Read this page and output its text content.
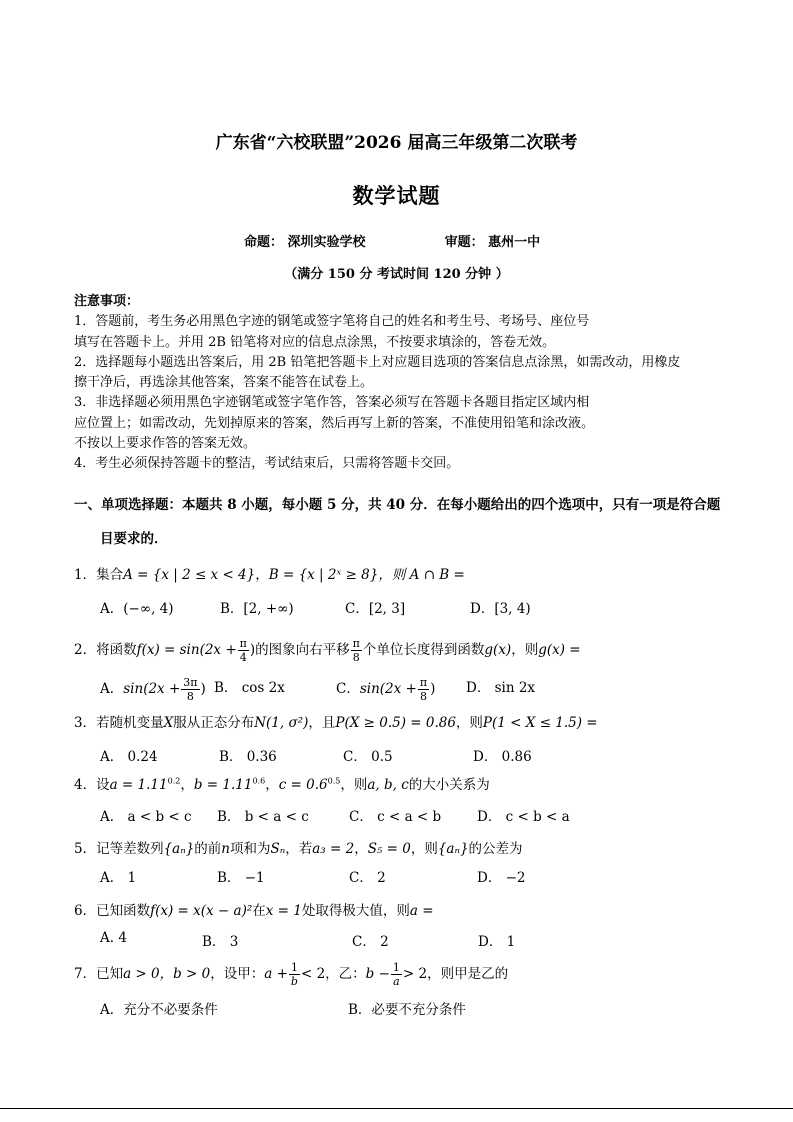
广东省“六校联盟”2026 届高三年级第二次联考
数学试题
命题： 深圳实验学校	审题： 惠州一中
（满分 150 分 考试时间 120 分钟 ）
注意事项：
1．答题前，考生务必用黑色字迹的钢笔或签字笔将自己的姓名和考生号、考场号、座位号
填写在答题卡上。并用 2B 铅笔将对应的信息点涂黑，不按要求填涂的，答卷无效。
2．选择题每小题选出答案后，用 2B 铅笔把答题卡上对应题目选项的答案信息点涂黑，如需改动，用橡皮
擦干净后，再选涂其他答案，答案不能答在试卷上。
3．非选择题必须用黑色字迹钢笔或签字笔作答，答案必须写在答题卡各题目指定区域内相
应位置上；如需改动，先划掉原来的答案，然后再写上新的答案，不准使用铅笔和涂改液。
不按以上要求作答的答案无效。
4．考生必须保持答题卡的整洁，考试结束后，只需将答题卡交回。
一、单项选择题：本题共 8 小题，每小题 5 分，共 40 分．在每小题给出的四个选项中，只有一项是符合题
目要求的．
1．集合A = {x | 2 ≤ x < 4}，B = {x | 2ˣ ≥ 8}，则 A ∩ B =
A．(−∞, 4)	B．[2, +∞)	C．[2, 3]	D．[3, 4)
2．将函数$f(x) = \sin(2x + \frac{\pi}{4}$ )的图象向右平移 $\frac{\pi}{8}$ 个单位长度得到函数g(x)，则g(x) =
A．$\sin(2x + \frac{3\pi}{8}$ ) B． cos 2x	C．$\sin(2x + \frac{\pi}{8}$ ) D． sin 2x
3．若随机变量X服从正态分布N(1, σ²)，且P(X ≥ 0.5) = 0.86，则P(1 < X ≤ 1.5) =
A． 0.24	B． 0.36	C． 0.5	D． 0.86
4．设$a = 1.11^{0.2}$，$b = 1.11^{0.6}$，$c = 0.6^{0.5}$，则a, b, c的大小关系为
A． a < b < c B． b < a < c	C． c < a < b	D． c < b < a
5．记等差数列{aₙ}的前n项和为Sₙ，若a₃ = 2，S₅ = 0，则{aₙ}的公差为
A． 1	B． −1	C． 2	D． −2
6．已知函数f(x) = x(x − a)²在x = 1处取得极大值，则a =
A. 4	B． 3	C． 2	D． 1
7．已知a > 0，b > 0，设甲：$a + \frac{1}{b} < 2$，乙：$b - \frac{1}{a} > 2$，则甲是乙的
A．充分不必要条件	B．必要不充分条件
